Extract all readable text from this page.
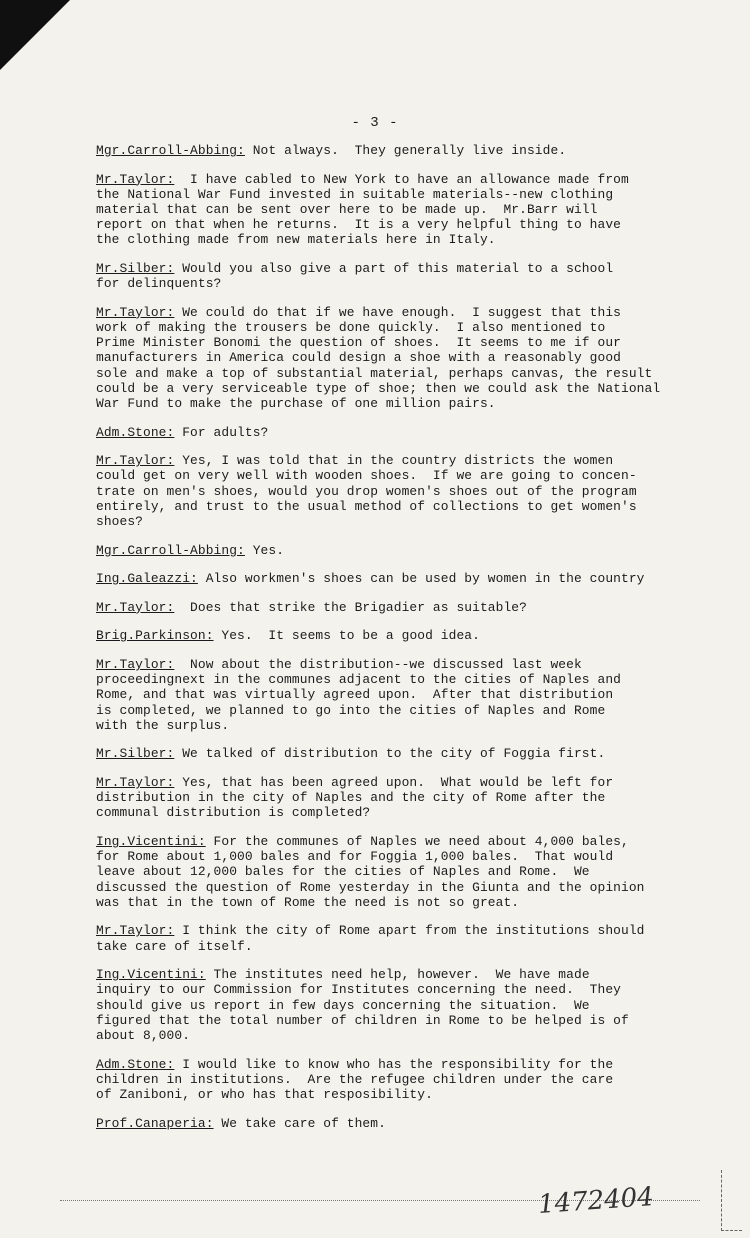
- 3 -

Mgr.Carroll-Abbing: Not always.  They generally live inside.

Mr.Taylor:  I have cabled to New York to have an allowance made from
the National War Fund invested in suitable materials--new clothing
material that can be sent over here to be made up.  Mr.Barr will
report on that when he returns.  It is a very helpful thing to have
the clothing made from new materials here in Italy.

Mr.Silber: Would you also give a part of this material to a school
for delinquents?

Mr.Taylor: We could do that if we have enough.  I suggest that this
work of making the trousers be done quickly.  I also mentioned to
Prime Minister Bonomi the question of shoes.  It seems to me if our
manufacturers in America could design a shoe with a reasonably good
sole and make a top of substantial material, perhaps canvas, the result
could be a very serviceable type of shoe; then we could ask the National
War Fund to make the purchase of one million pairs.

Adm.Stone: For adults?

Mr.Taylor: Yes, I was told that in the country districts the women
could get on very well with wooden shoes.  If we are going to concen-
trate on men's shoes, would you drop women's shoes out of the program
entirely, and trust to the usual method of collections to get women's
shoes?

Mgr.Carroll-Abbing: Yes.

Ing.Galeazzi: Also workmen's shoes can be used by women in the country

Mr.Taylor:  Does that strike the Brigadier as suitable?

Brig.Parkinson: Yes.  It seems to be a good idea.

Mr.Taylor:  Now about the distribution--we discussed last week
proceedingnext in the communes adjacent to the cities of Naples and
Rome, and that was virtually agreed upon.  After that distribution
is completed, we planned to go into the cities of Naples and Rome
with the surplus.

Mr.Silber: We talked of distribution to the city of Foggia first.

Mr.Taylor: Yes, that has been agreed upon.  What would be left for
distribution in the city of Naples and the city of Rome after the
communal distribution is completed?

Ing.Vicentini: For the communes of Naples we need about 4,000 bales,
for Rome about 1,000 bales and for Foggia 1,000 bales.  That would
leave about 12,000 bales for the cities of Naples and Rome.  We
discussed the question of Rome yesterday in the Giunta and the opinion
was that in the town of Rome the need is not so great.

Mr.Taylor: I think the city of Rome apart from the institutions should
take care of itself.

Ing.Vicentini: The institutes need help, however.  We have made
inquiry to our Commission for Institutes concerning the need.  They
should give us report in few days concerning the situation.  We
figured that the total number of children in Rome to be helped is of
about 8,000.

Adm.Stone: I would like to know who has the responsibility for the
children in institutions.  Are the refugee children under the care
of Zaniboni, or who has that resposibility.

Prof.Canaperia: We take care of them.

1472404
